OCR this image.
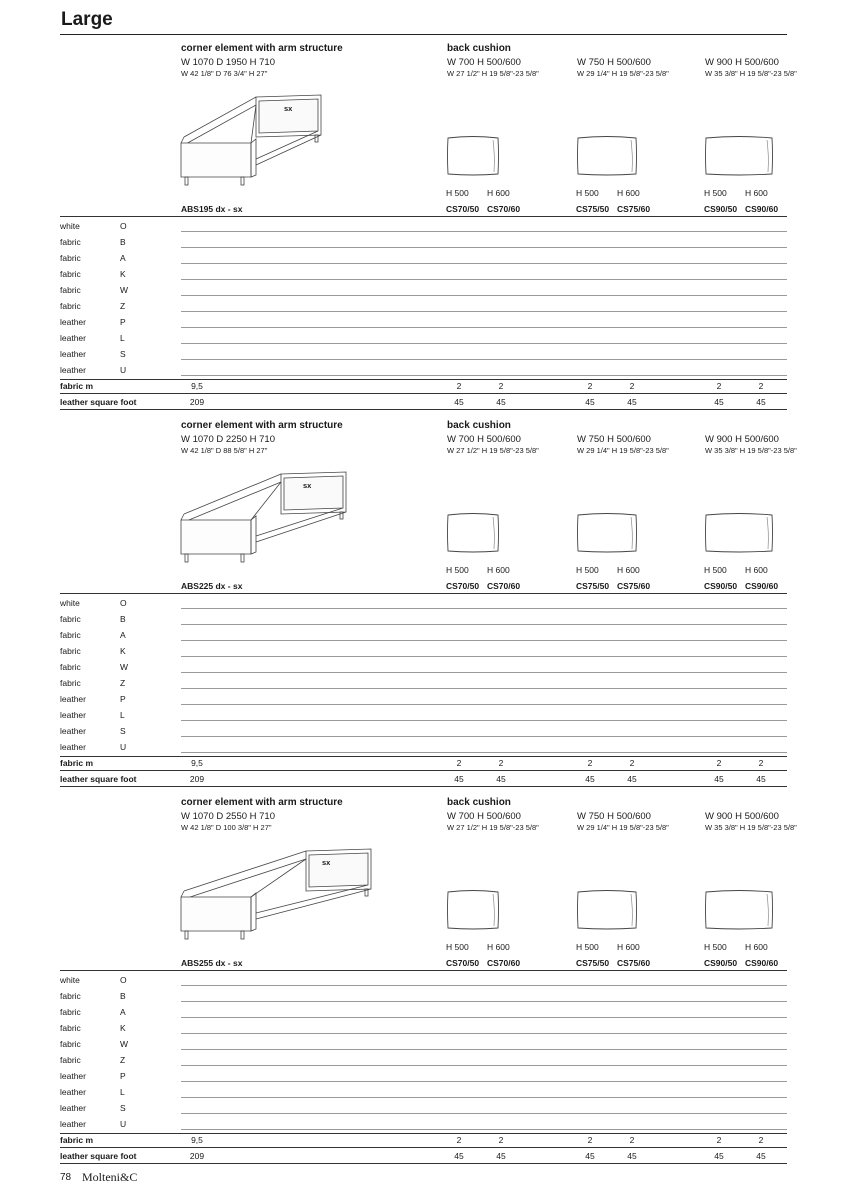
Large
corner element with arm structure
W 1070 D 1950 H 710
W 42 1/8" D 76 3/4" H 27"
sx
ABS195 dx - sx
back cushion
W 700 H 500/600
W 27 1/2" H 19 5/8"-23 5/8"
H 500 H 600
CS70/50 CS70/60
W 750 H 500/600
W 29 1/4" H 19 5/8"-23 5/8"
H 500 H 600
CS75/50 CS75/60
W 900 H 500/600
W 35 3/8" H 19 5/8"-23 5/8"
H 500 H 600
CS90/50 CS90/60
white	O
fabric	B
fabric	A
fabric	K
fabric	W
fabric	Z
leather	P
leather	L
leather	S
leather	U
fabric m	9,5	2	2	2	2	2	2
leather square foot	209	45	45	45	45	45	45
corner element with arm structure
W 1070 D 2250 H 710
W 42 1/8" D 88 5/8" H 27"
sx
ABS225 dx - sx
back cushion
W 700 H 500/600
W 27 1/2" H 19 5/8"-23 5/8"
H 500 H 600
CS70/50 CS70/60
W 750 H 500/600
W 29 1/4" H 19 5/8"-23 5/8"
H 500 H 600
CS75/50 CS75/60
W 900 H 500/600
W 35 3/8" H 19 5/8"-23 5/8"
H 500 H 600
CS90/50 CS90/60
white	O
fabric	B
fabric	A
fabric	K
fabric	W
fabric	Z
leather	P
leather	L
leather	S
leather	U
fabric m	9,5	2	2	2	2	2	2
leather square foot	209	45	45	45	45	45	45
corner element with arm structure
W 1070 D 2550 H 710
W 42 1/8" D 100 3/8" H 27"
sx
ABS255 dx - sx
back cushion
W 700 H 500/600
W 27 1/2" H 19 5/8"-23 5/8"
H 500 H 600
CS70/50 CS70/60
W 750 H 500/600
W 29 1/4" H 19 5/8"-23 5/8"
H 500 H 600
CS75/50 CS75/60
W 900 H 500/600
W 35 3/8" H 19 5/8"-23 5/8"
H 500 H 600
CS90/50 CS90/60
white	O
fabric	B
fabric	A
fabric	K
fabric	W
fabric	Z
leather	P
leather	L
leather	S
leather	U
fabric m	9,5	2	2	2	2	2	2
leather square foot	209	45	45	45	45	45	45
78 Molteni&C
